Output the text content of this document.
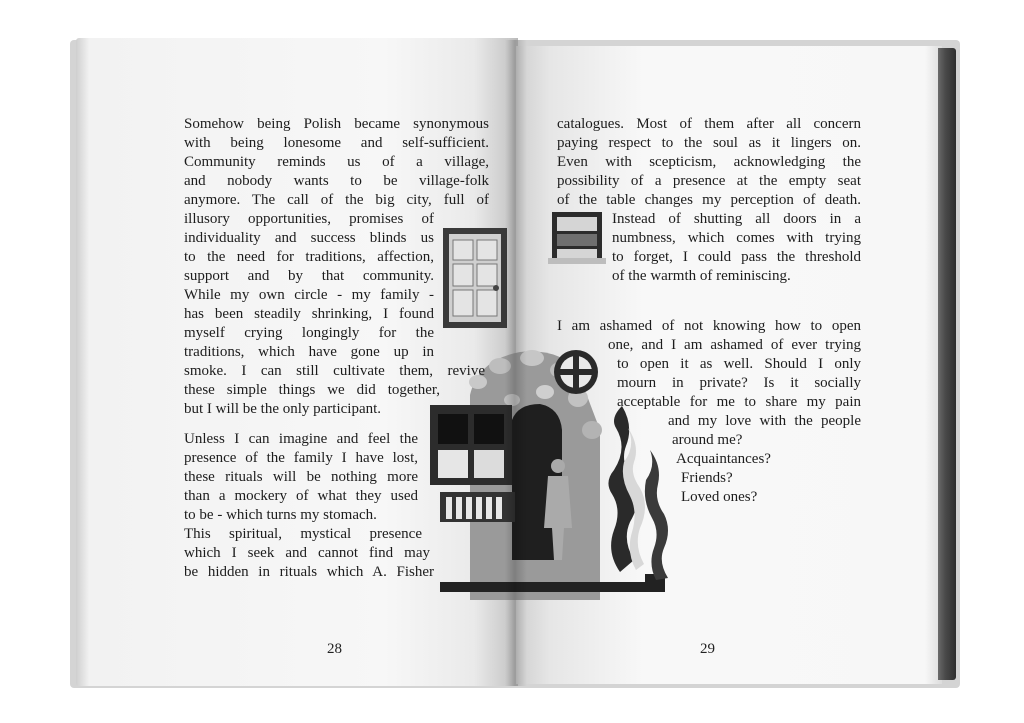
Somehow being Polish became synonymous
with being lonesome and self-sufficient.
Community reminds us of a village,
and nobody wants to be village-folk
anymore. The call of the big city, full of
illusory opportunities, promises of
individuality and success blinds us
to the need for traditions, affection,
support and by that community.
While my own circle - my family -
has been steadily shrinking, I found
myself crying longingly for the
traditions, which have gone up in
smoke. I can still cultivate them, revive
these simple things we did together,
but I will be the only participant.
Unless I can imagine and feel the
presence of the family I have lost,
these rituals will be nothing more
than a mockery of what they used
to be - which turns my stomach.
This spiritual, mystical presence
which I seek and cannot find may
be hidden in rituals which A. Fisher
28
catalogues. Most of them after all concern
paying respect to the soul as it lingers on.
Even with scepticism, acknowledging the
possibility of a presence at the empty seat
of the table changes my perception of death.
Instead of shutting all doors in a
numbness, which comes with trying
to forget, I could pass the threshold
of the warmth of reminiscing.
I am ashamed of not knowing how to open
one, and I am ashamed of ever trying
to open it as well. Should I only
mourn in private? Is it socially
acceptable for me to share my pain
and my love with the people
around me?
Acquaintances?
Friends?
Loved ones?
29
